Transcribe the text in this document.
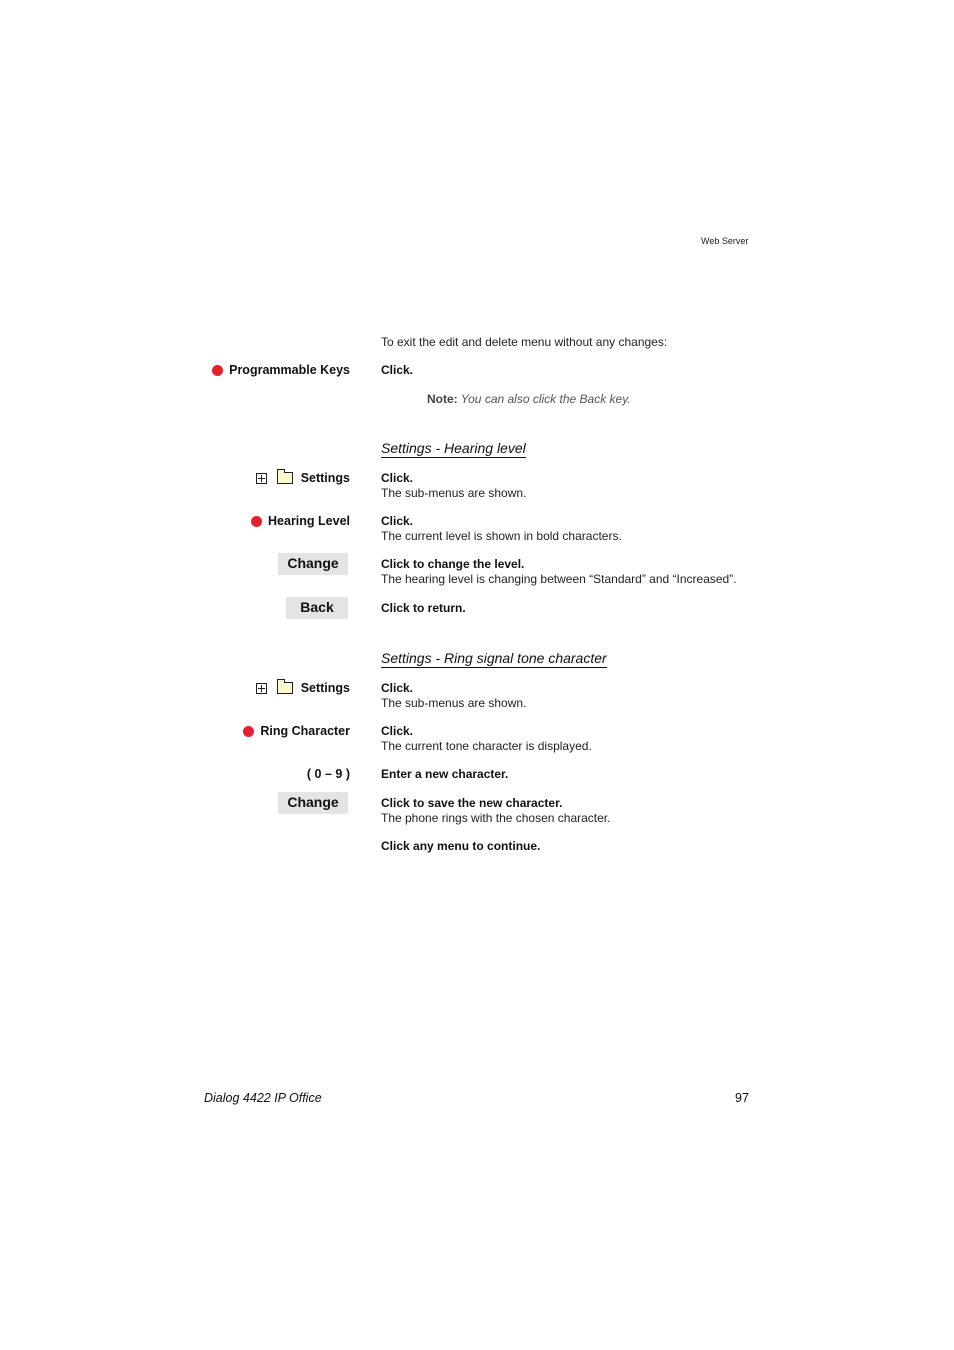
Web Server
To exit the edit and delete menu without any changes:
Programmable Keys	Click.
Note: You can also click the Back key.
Settings - Hearing level
Settings	Click.
The sub-menus are shown.
Hearing Level	Click.
The current level is shown in bold characters.
Change	Click to change the level.
The hearing level is changing between “Standard” and “Increased”.
Back	Click to return.
Settings - Ring signal tone character
Settings	Click.
The sub-menus are shown.
Ring Character	Click.
The current tone character is displayed.
( 0 – 9 )	Enter a new character.
Change	Click to save the new character.
The phone rings with the chosen character.
Click any menu to continue.
Dialog 4422 IP Office	97
